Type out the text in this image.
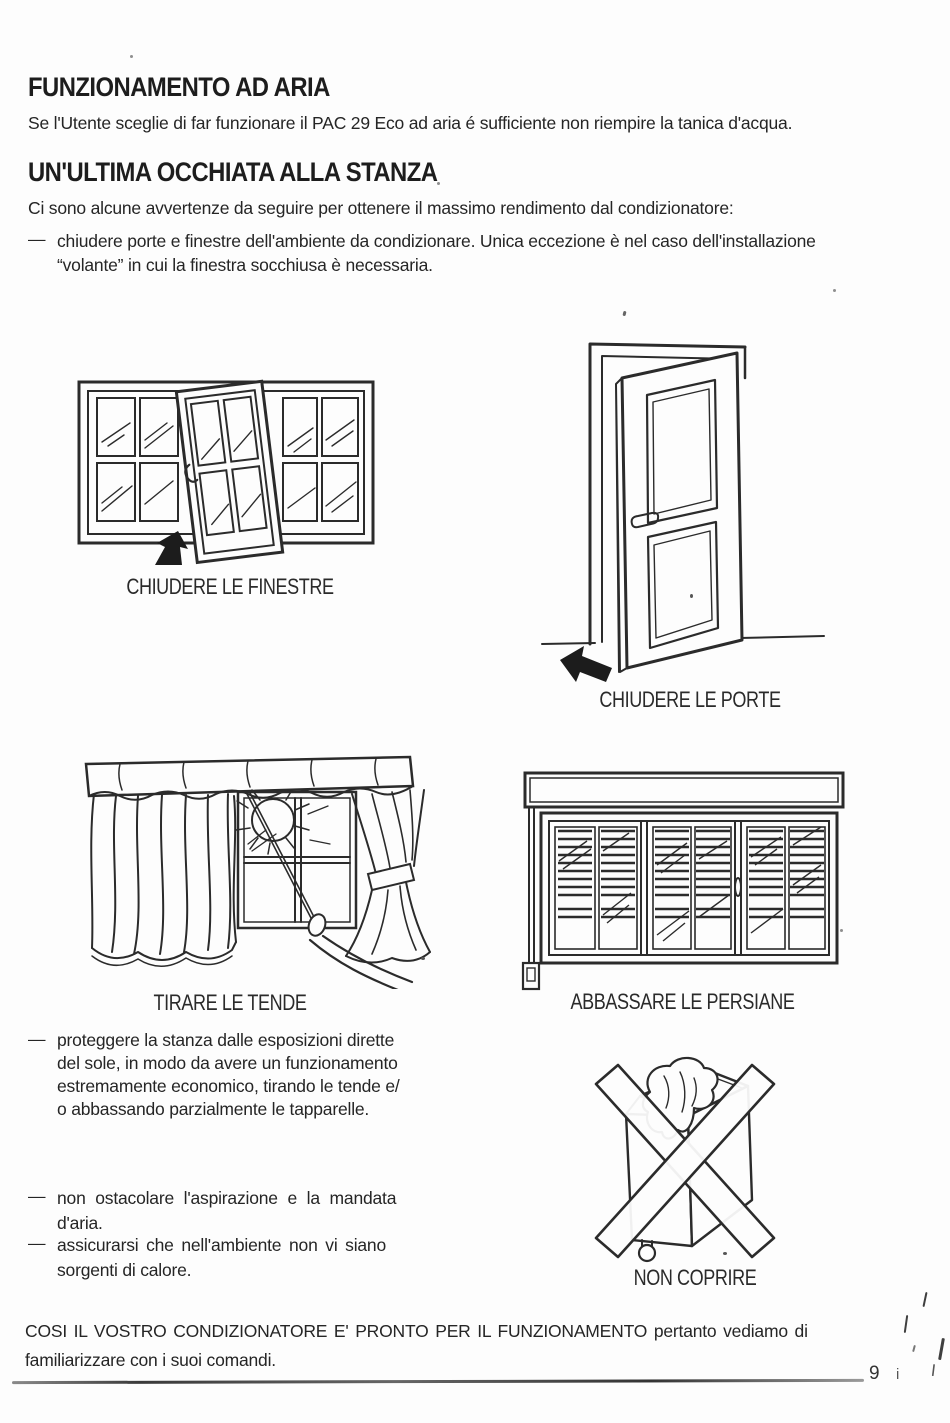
FUNZIONAMENTO AD ARIA
Se l'Utente sceglie di far funzionare il PAC 29 Eco ad aria é sufficiente non riempire la tanica d'acqua.
UN'ULTIMA OCCHIATA ALLA STANZA
Ci sono alcune avvertenze da seguire per ottenere il massimo rendimento dal condizionatore:
— chiudere porte e finestre dell'ambiente da condizionare. Unica eccezione è nel caso dell'installazione
“volante” in cui la finestra socchiusa è necessaria.
CHIUDERE LE FINESTRE
CHIUDERE LE PORTE
TIRARE LE TENDE	ABBASSARE LE PERSIANE
— proteggere la stanza dalle esposizioni dirette
del sole, in modo da avere un funzionamento
estremamente economico, tirando le tende e/
o abbassando parzialmente le tapparelle.
— non ostacolare l'aspirazione e la mandata
d'aria.
— assicurarsi che nell'ambiente non vi siano
sorgenti di calore.	NON COPRIRE
COSI IL VOSTRO CONDIZIONATORE E' PRONTO PER IL FUNZIONAMENTO pertanto vediamo di
familiarizzare con i suoi comandi.
9 i I
